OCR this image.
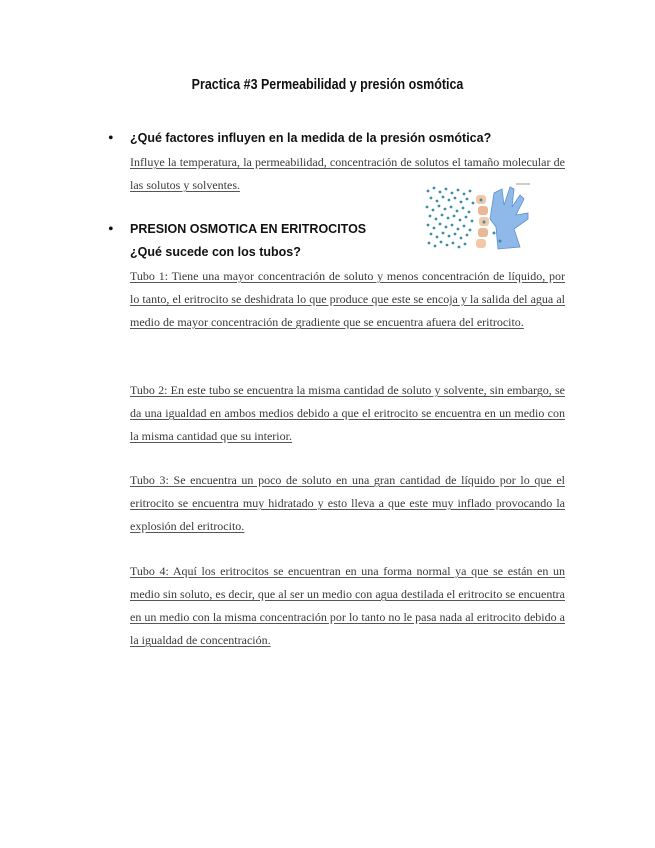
Practica #3 Permeabilidad y presión osmótica
• ¿Qué factores influyen en la medida de la presión osmótica?
Influye la temperatura, la permeabilidad, concentración de solutos el tamaño molecular de las solutos y solventes.
• PRESION OSMOTICA EN ERITROCITOS
¿Qué sucede con los tubos?
Tubo 1: Tiene una mayor concentración de soluto y menos concentración de líquido, por lo tanto, el eritrocito se deshidrata lo que produce que este se encoja y la salida del agua al medio de mayor concentración de gradiente que se encuentra afuera del eritrocito.
Tubo 2: En este tubo se encuentra la misma cantidad de soluto y solvente, sin embargo, se da una igualdad en ambos medios debido a que el eritrocito se encuentra en un medio con la misma cantidad que su interior.
Tubo 3: Se encuentra un poco de soluto en una gran cantidad de líquido por lo que el eritrocito se encuentra muy hidratado y esto lleva a que este muy inflado provocando la explosión del eritrocito.
Tubo 4: Aquí los eritrocitos se encuentran en una forma normal ya que se están en un medio sin soluto, es decir, que al ser un medio con agua destilada el eritrocito se encuentra en un medio con la misma concentración por lo tanto no le pasa nada al eritrocito debido a la igualdad de concentración.
